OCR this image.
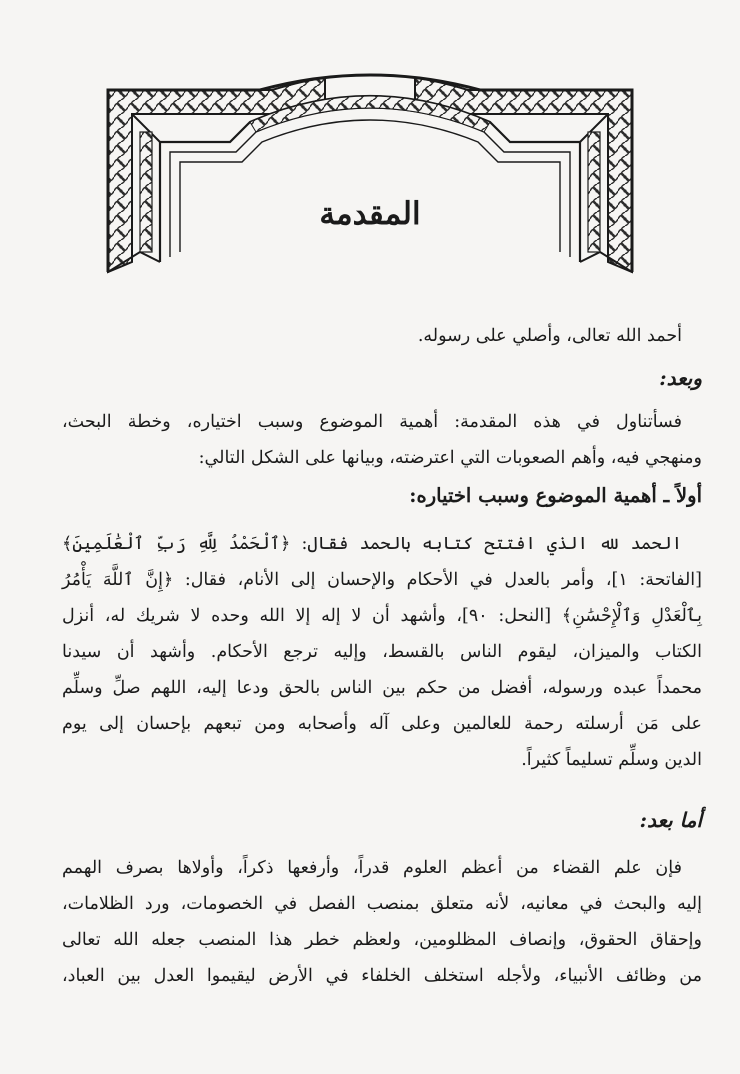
المقدمة
أحمد الله تعالى، وأصلي على رسوله.
وبعد:
فسأتناول في هذه المقدمة: أهمية الموضوع وسبب اختياره، وخطة البحث،
ومنهجي فيه، وأهم الصعوبات التي اعترضته، وبيانها على الشكل التالي:
أولاً ـ أهمية الموضوع وسبب اختياره:
الحمد لله الذي افتتح كتابه بالحمد فقال: ﴿ٱلْحَمْدُ لِلَّهِ رَبِّ ٱلْعَٰلَمِينَ﴾
[الفاتحة: ١]، وأمر بالعدل في الأحكام والإحسان إلى الأنام، فقال: ﴿إِنَّ ٱللَّهَ يَأْمُرُ
بِٱلْعَدْلِ وَٱلْإِحْسَٰنِ﴾ [النحل: ٩٠]، وأشهد أن لا إله إلا الله وحده لا شريك له، أنزل
الكتاب والميزان، ليقوم الناس بالقسط، وإليه ترجع الأحكام. وأشهد أن سيدنا
محمداً عبده ورسوله، أفضل من حكم بين الناس بالحق ودعا إليه، اللهم صلِّ وسلِّم
على مَن أرسلته رحمة للعالمين وعلى آله وأصحابه ومن تبعهم بإحسان إلى يوم
الدين وسلِّم تسليماً كثيراً.
أما بعد:
فإن علم القضاء من أعظم العلوم قدراً، وأرفعها ذكراً، وأولاها بصرف الهمم
إليه والبحث في معانيه، لأنه متعلق بمنصب الفصل في الخصومات، ورد الظلامات،
وإحقاق الحقوق، وإنصاف المظلومين، ولعظم خطر هذا المنصب جعله الله تعالى
من وظائف الأنبياء، ولأجله استخلف الخلفاء في الأرض ليقيموا العدل بين العباد،
